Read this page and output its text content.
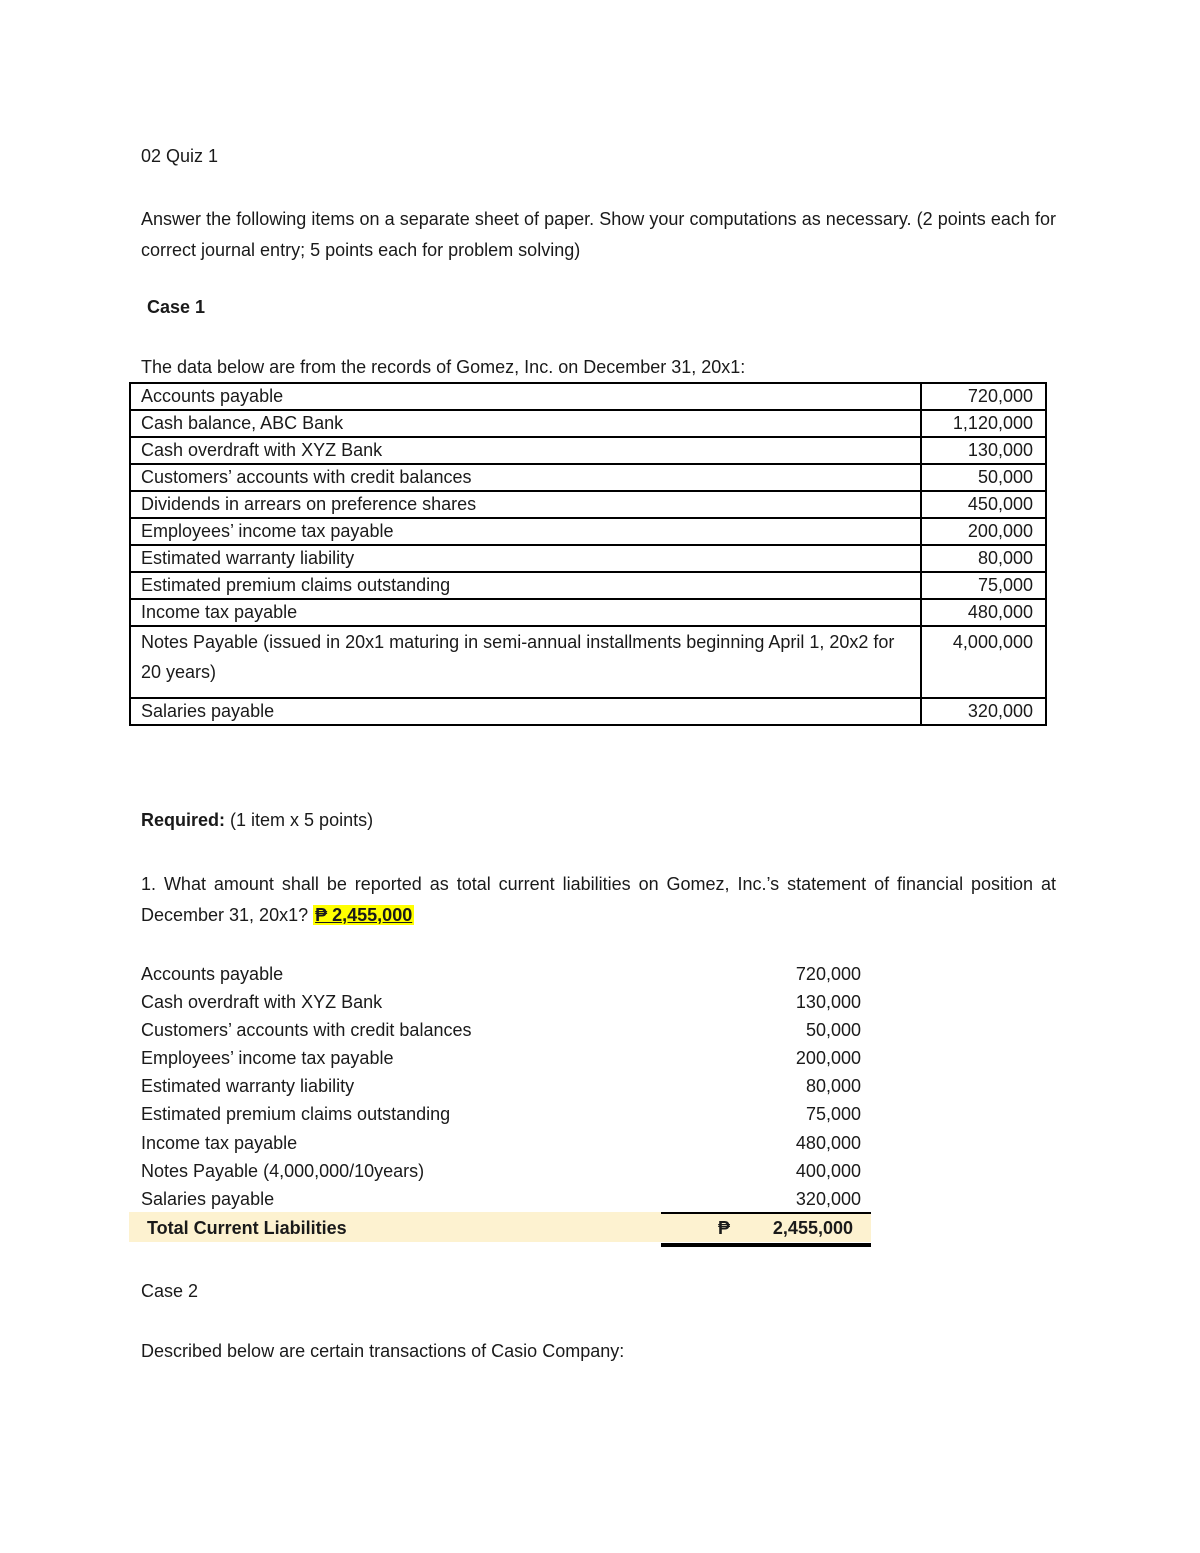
02 Quiz 1
Answer the following items on a separate sheet of paper. Show your computations as necessary. (2 points each for correct journal entry; 5 points each for problem solving)
Case 1
The data below are from the records of Gomez, Inc. on December 31, 20x1:
Accounts payable	720,000
Cash balance, ABC Bank	1,120,000
Cash overdraft with XYZ Bank	130,000
Customers’ accounts with credit balances	50,000
Dividends in arrears on preference shares	450,000
Employees’ income tax payable	200,000
Estimated warranty liability	80,000
Estimated premium claims outstanding	75,000
Income tax payable	480,000
Notes Payable (issued in 20x1 maturing in semi-annual installments beginning April 1, 20x2 for 20 years)	4,000,000
Salaries payable	320,000
Required: (1 item x 5 points)
1. What amount shall be reported as total current liabilities on Gomez, Inc.’s statement of financial position at December 31, 20x1? ₱ 2,455,000
Accounts payable	720,000
Cash overdraft with XYZ Bank	130,000
Customers’ accounts with credit balances	50,000
Employees’ income tax payable	200,000
Estimated warranty liability	80,000
Estimated premium claims outstanding	75,000
Income tax payable	480,000
Notes Payable (4,000,000/10years)	400,000
Salaries payable	320,000
Total Current Liabilities	₱ 2,455,000
Case 2
Described below are certain transactions of Casio Company:
